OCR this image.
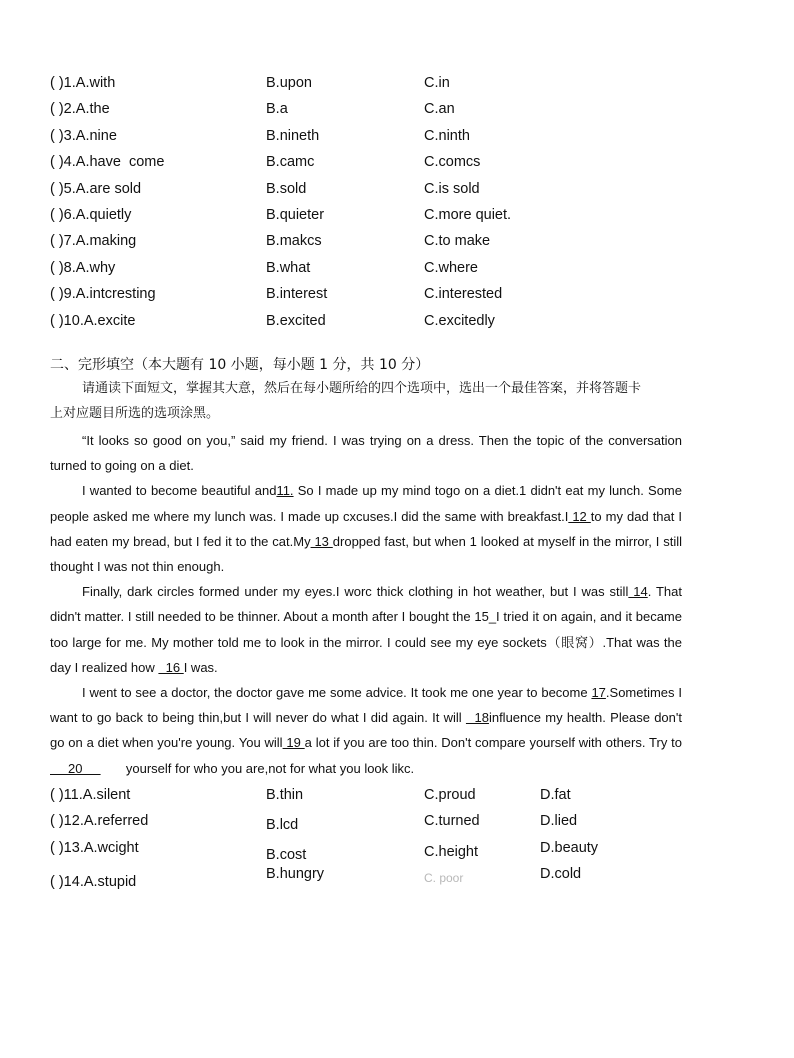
( )1.A.with	B.upon	C.in
( )2.A.the	B.a	C.an
( )3.A.nine	B.nineth	C.ninth
( )4.A.have  come	B.camc	C.comcs
( )5.A.are sold	B.sold	C.is sold
( )6.A.quietly	B.quieter	C.more quiet.
( )7.A.making	B.makcs	C.to make
( )8.A.why	B.what	C.where
( )9.A.intcresting	B.interest	C.interested
( )10.A.excite	B.excited	C.excitedly
二、完形填空（本大题有 10 小题，每小题 1 分，共 10 分）
请通读下面短文，掌握其大意，然后在每小题所给的四个选项中，选出一个最佳答案，并将答题卡
上对应题目所选的选项涂黑。

“It looks so good on you,” said my friend. I was trying on a dress. Then the topic of the conversation turned to going on a diet.

I wanted to become beautiful and11. So I made up my mind togo on a diet.1 didn't eat my lunch. Some people asked me where my lunch was. I made up cxcuses.I did the same with breakfast.I 12 to my dad that I had eaten my bread, but I fed it to the cat.My 13 dropped fast, but when 1 looked at myself in the mirror, I still thought I was not thin enough.

Finally, dark circles formed under my eyes.I worc thick clothing in hot weather, but I was still 14. That didn't matter. I still needed to be thinner. About a month after I bought the 15_I tried it on again, and it became too large for me. My mother told me to look in the mirror. I could see my eye sockets（眼窝）.That was the day I realized how   16 I was.

I went to see a doctor, the doctor gave me some advice. It took me one year to become 17.Sometimes I want to go back to being thin,but I will never do what I did again. It will   18influence my health. Please don't go on a diet when you're young. You will 19 a lot if you are too thin. Don't compare yourself with others. Try to     20            yourself for who you are,not for what you look likc.

( )11.A.silent	B.thin	C.proud	D.fat
( )12.A.referred	B.lcd	C.turned	D.lied
( )13.A.wcight	B.cost	C.height	D.beauty
( )14.A.stupid	B.hungry	C. poor	D.cold
